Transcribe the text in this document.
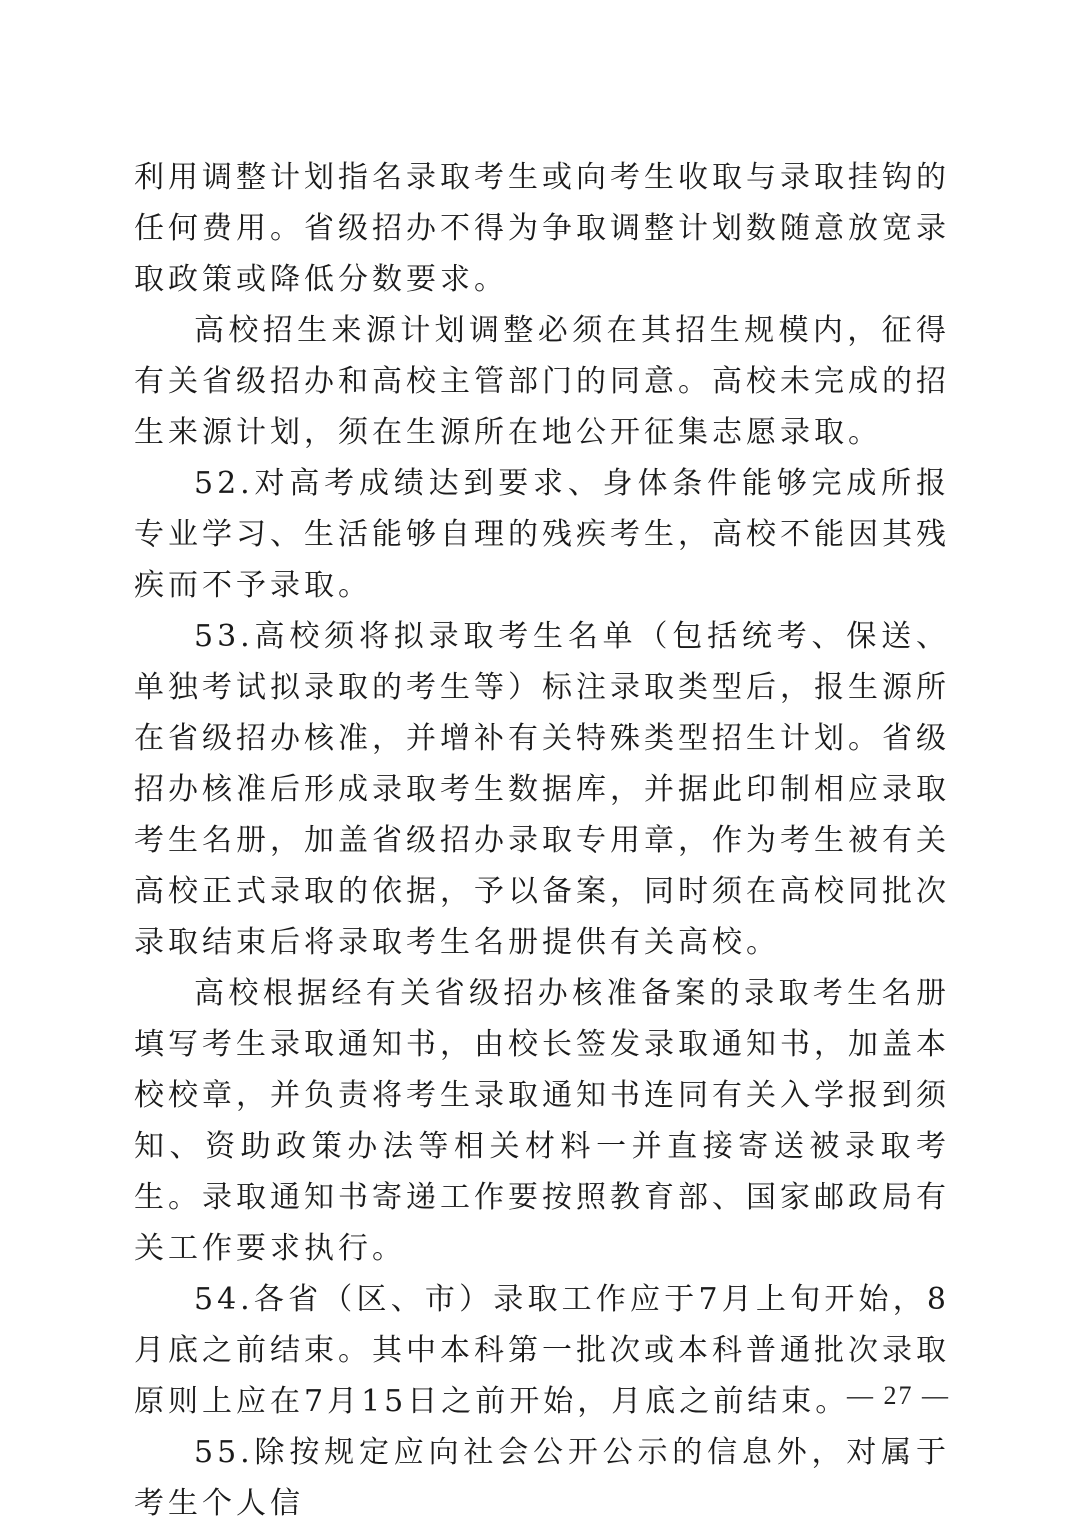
利用调整计划指名录取考生或向考生收取与录取挂钩的任何费用。省级招办不得为争取调整计划数随意放宽录取政策或降低分数要求。

高校招生来源计划调整必须在其招生规模内，征得有关省级招办和高校主管部门的同意。高校未完成的招生来源计划，须在生源所在地公开征集志愿录取。

52.对高考成绩达到要求、身体条件能够完成所报专业学习、生活能够自理的残疾考生，高校不能因其残疾而不予录取。

53.高校须将拟录取考生名单（包括统考、保送、单独考试拟录取的考生等）标注录取类型后，报生源所在省级招办核准，并增补有关特殊类型招生计划。省级招办核准后形成录取考生数据库，并据此印制相应录取考生名册，加盖省级招办录取专用章，作为考生被有关高校正式录取的依据，予以备案，同时须在高校同批次录取结束后将录取考生名册提供有关高校。

高校根据经有关省级招办核准备案的录取考生名册填写考生录取通知书，由校长签发录取通知书，加盖本校校章，并负责将考生录取通知书连同有关入学报到须知、资助政策办法等相关材料一并直接寄送被录取考生。录取通知书寄递工作要按照教育部、国家邮政局有关工作要求执行。

54.各省（区、市）录取工作应于7月上旬开始，8月底之前结束。其中本科第一批次或本科普通批次录取原则上应在7月15日之前开始，月底之前结束。

55.除按规定应向社会公开公示的信息外，对属于考生个人信

— 27 —
